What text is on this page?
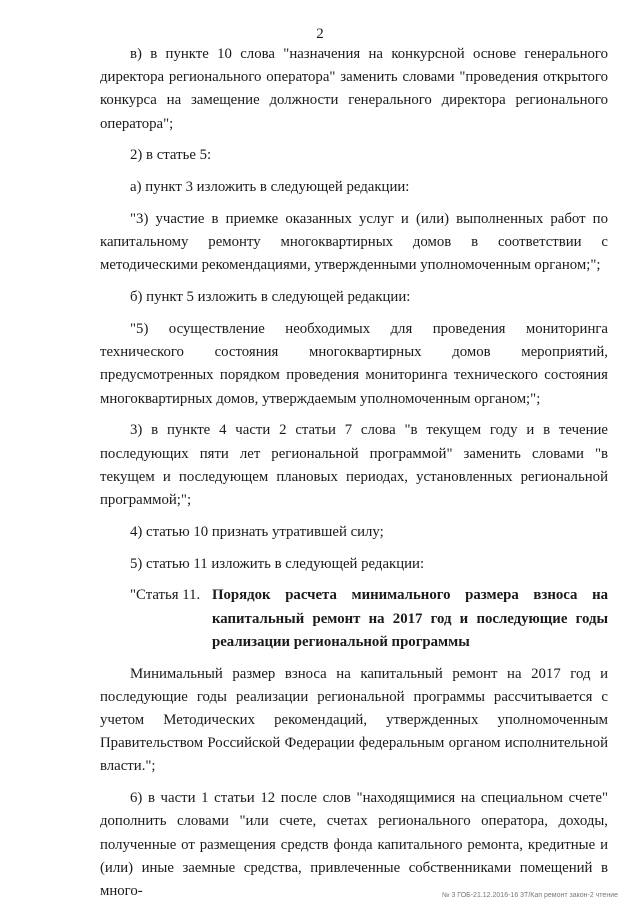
2

в) в пункте 10 слова "назначения на конкурсной основе генерального директора регионального оператора" заменить словами "проведения открытого конкурса на замещение должности генерального директора регионального оператора";

2) в статье 5:

а) пункт 3 изложить в следующей редакции:

"3) участие в приемке оказанных услуг и (или) выполненных работ по капитальному ремонту многоквартирных домов в соответствии с методическими рекомендациями, утвержденными уполномоченным органом;";

б) пункт 5 изложить в следующей редакции:

"5) осуществление необходимых для проведения мониторинга технического состояния многоквартирных домов мероприятий, предусмотренных порядком проведения мониторинга технического состояния многоквартирных домов, утверждаемым уполномоченным органом;";

3) в пункте 4 части 2 статьи 7 слова "в текущем году и в течение последующих пяти лет региональной программой" заменить словами "в текущем и последующем плановых периодах, установленных региональной программой;";

4) статью 10 признать утратившей силу;

5) статью 11 изложить в следующей редакции:

"Статья 11. Порядок расчета минимального размера взноса на капитальный ремонт на 2017 год и последующие годы реализации региональной программы

Минимальный размер взноса на капитальный ремонт на 2017 год и последующие годы реализации региональной программы рассчитывается с учетом Методических рекомендаций, утвержденных уполномоченным Правительством Российской Федерации федеральным органом исполнительной власти.";

6) в части 1 статьи 12 после слов "находящимися на специальном счете" дополнить словами "или счете, счетах регионального оператора, доходы, полученные от размещения средств фонда капитального ремонта, кредитные и (или) иные заемные средства, привлеченные собственниками помещений в много-	№ 3 ГОБ-21.12.2016-16 3Т/Кап ремонт закон-2 чтение
